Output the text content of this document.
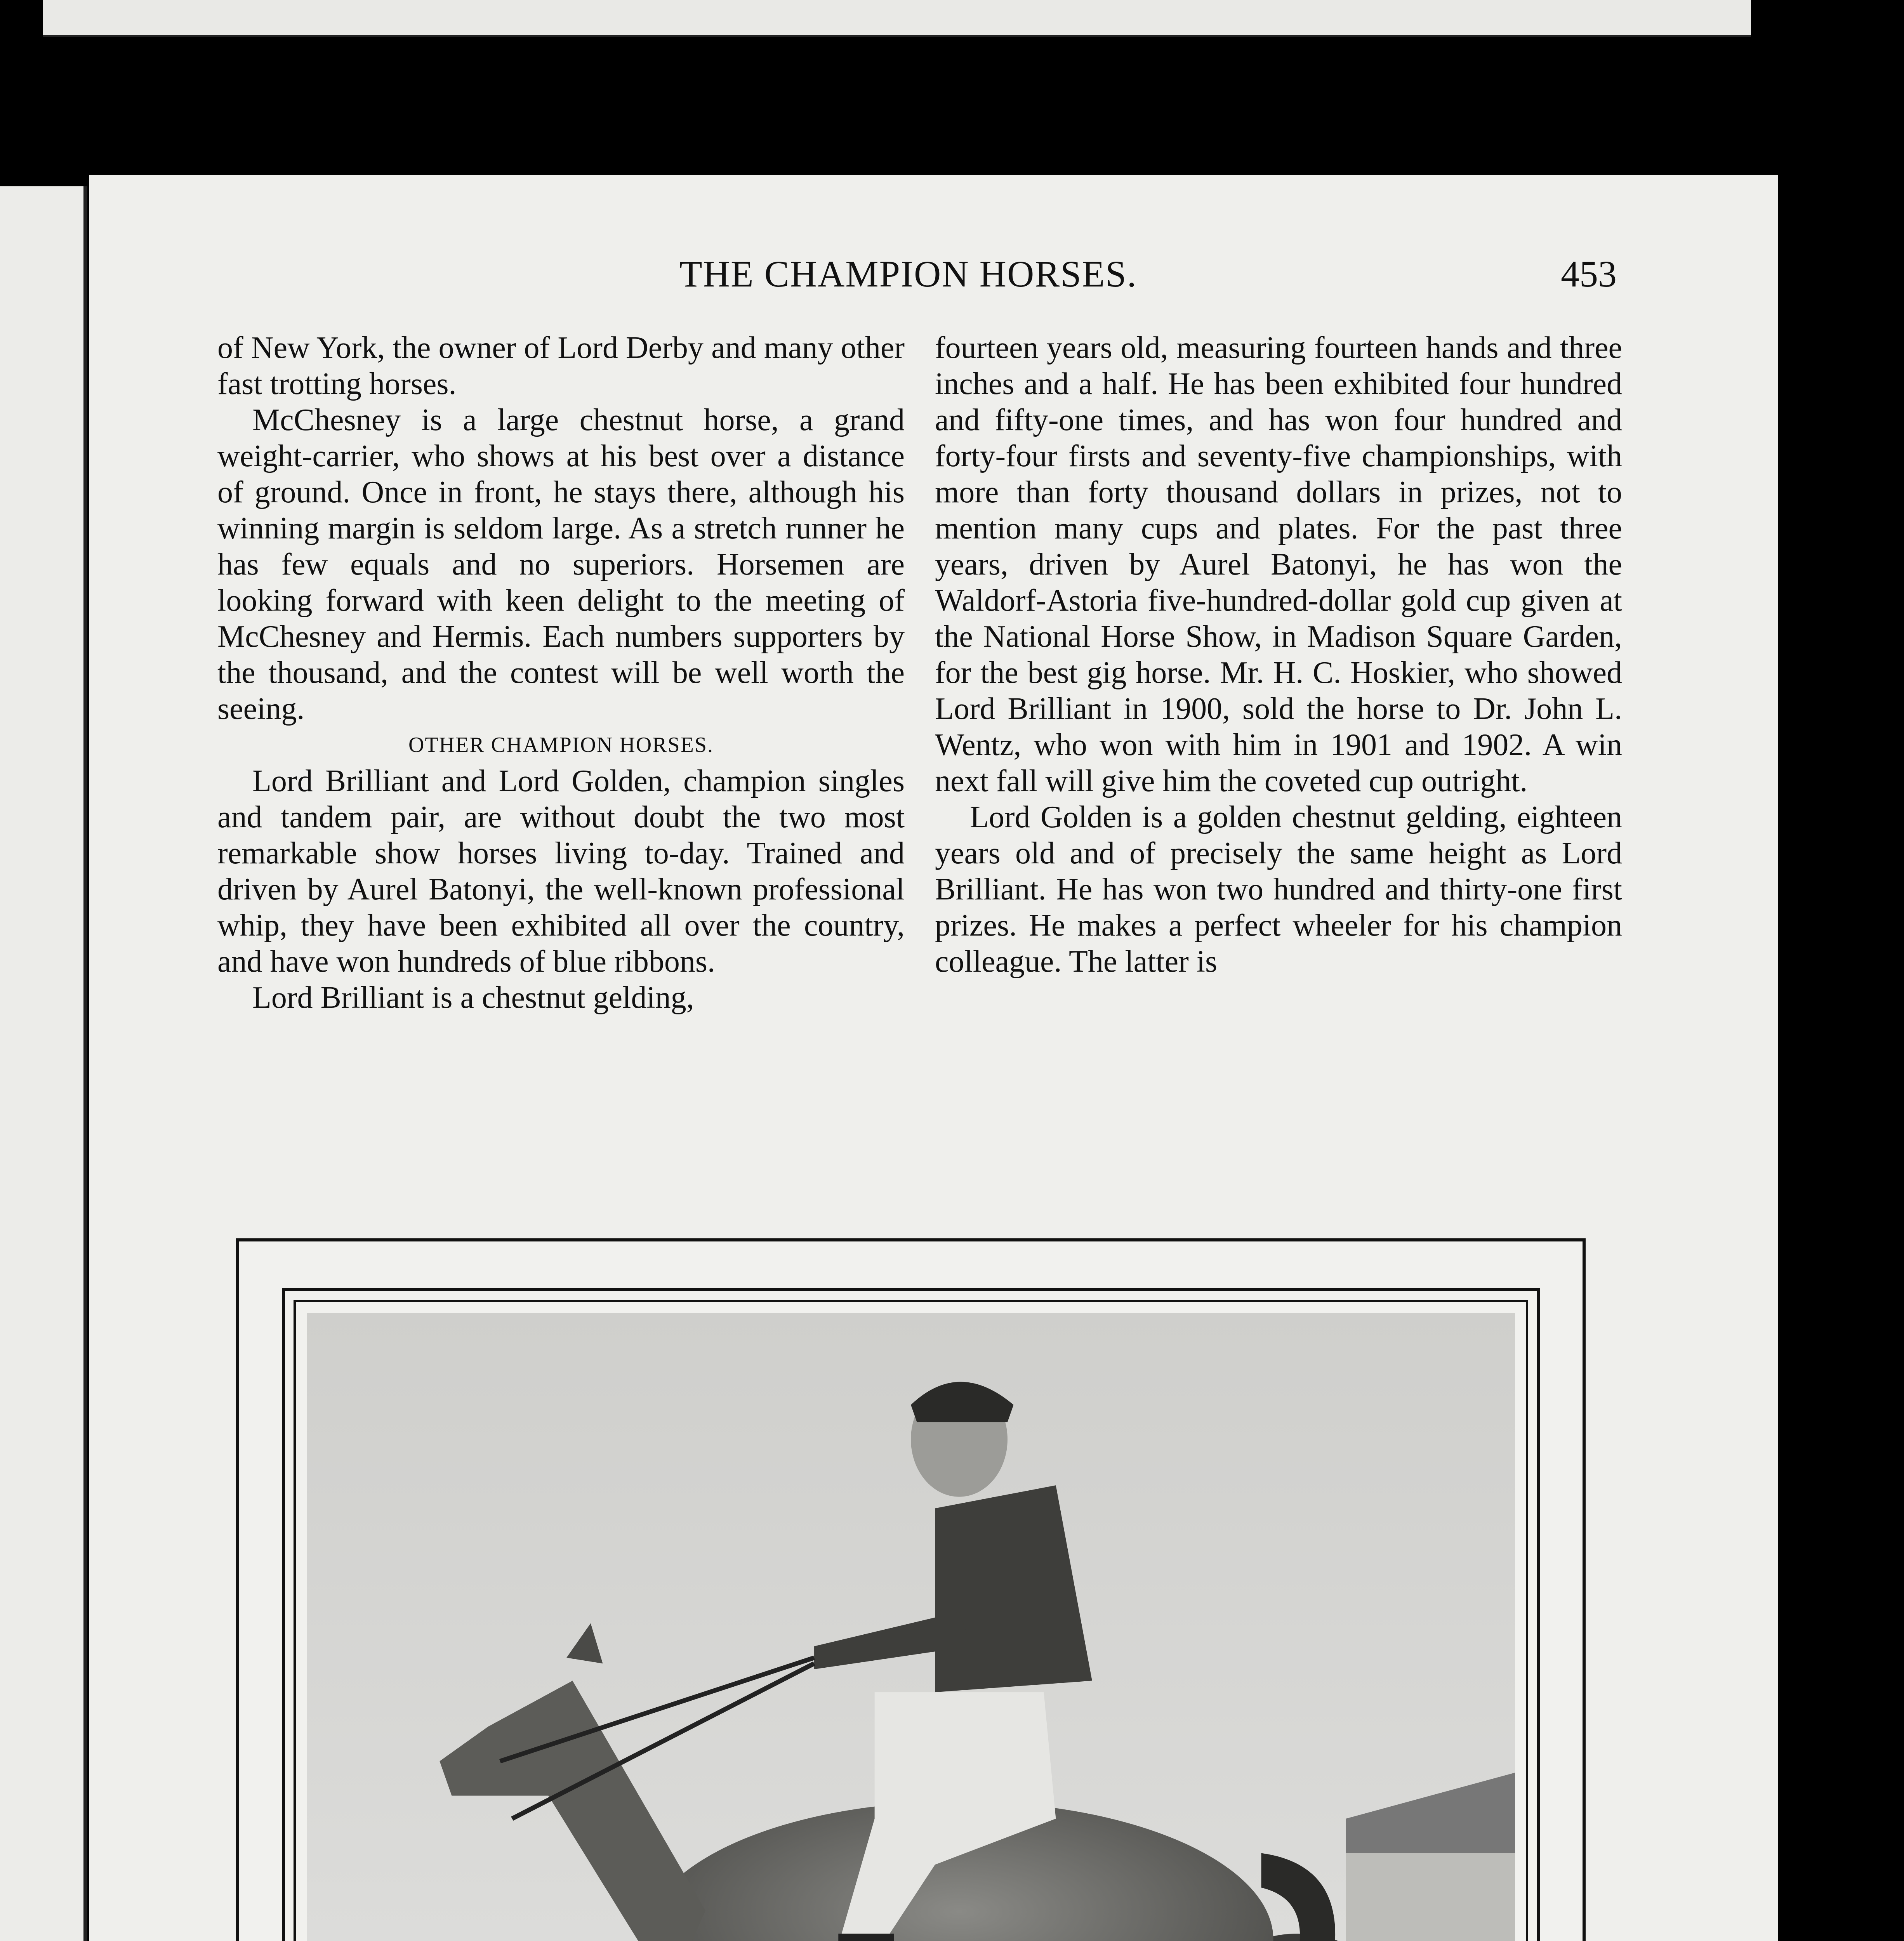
THE CHAMPION HORSES.	453

of New York, the owner of Lord Derby and many other fast trotting horses.

McChesney is a large chestnut horse, a grand weight-carrier, who shows at his best over a distance of ground. Once in front, he stays there, although his winning margin is seldom large. As a stretch runner he has few equals and no superiors. Horsemen are looking forward with keen delight to the meeting of McChesney and Hermis. Each numbers supporters by the thousand, and the contest will be well worth the seeing.

OTHER CHAMPION HORSES.

Lord Brilliant and Lord Golden, champion singles and tandem pair, are without doubt the two most remarkable show horses living to-day. Trained and driven by Aurel Batonyi, the well-known professional whip, they have been exhibited all over the country, and have won hundreds of blue ribbons.

Lord Brilliant is a chestnut gelding,

fourteen years old, measuring fourteen hands and three inches and a half. He has been exhibited four hundred and fifty-one times, and has won four hundred and forty-four firsts and seventy-five championships, with more than forty thousand dollars in prizes, not to mention many cups and plates. For the past three years, driven by Aurel Batonyi, he has won the Waldorf-Astoria five-hundred-dollar gold cup given at the National Horse Show, in Madison Square Garden, for the best gig horse. Mr. H. C. Hoskier, who showed Lord Brilliant in 1900, sold the horse to Dr. John L. Wentz, who won with him in 1901 and 1902. A win next fall will give him the coveted cup outright.

Lord Golden is a golden chestnut gelding, eighteen years old and of precisely the same height as Lord Brilliant. He has won two hundred and thirty-one first prizes. He makes a perfect wheeler for his champion colleague. The latter is
